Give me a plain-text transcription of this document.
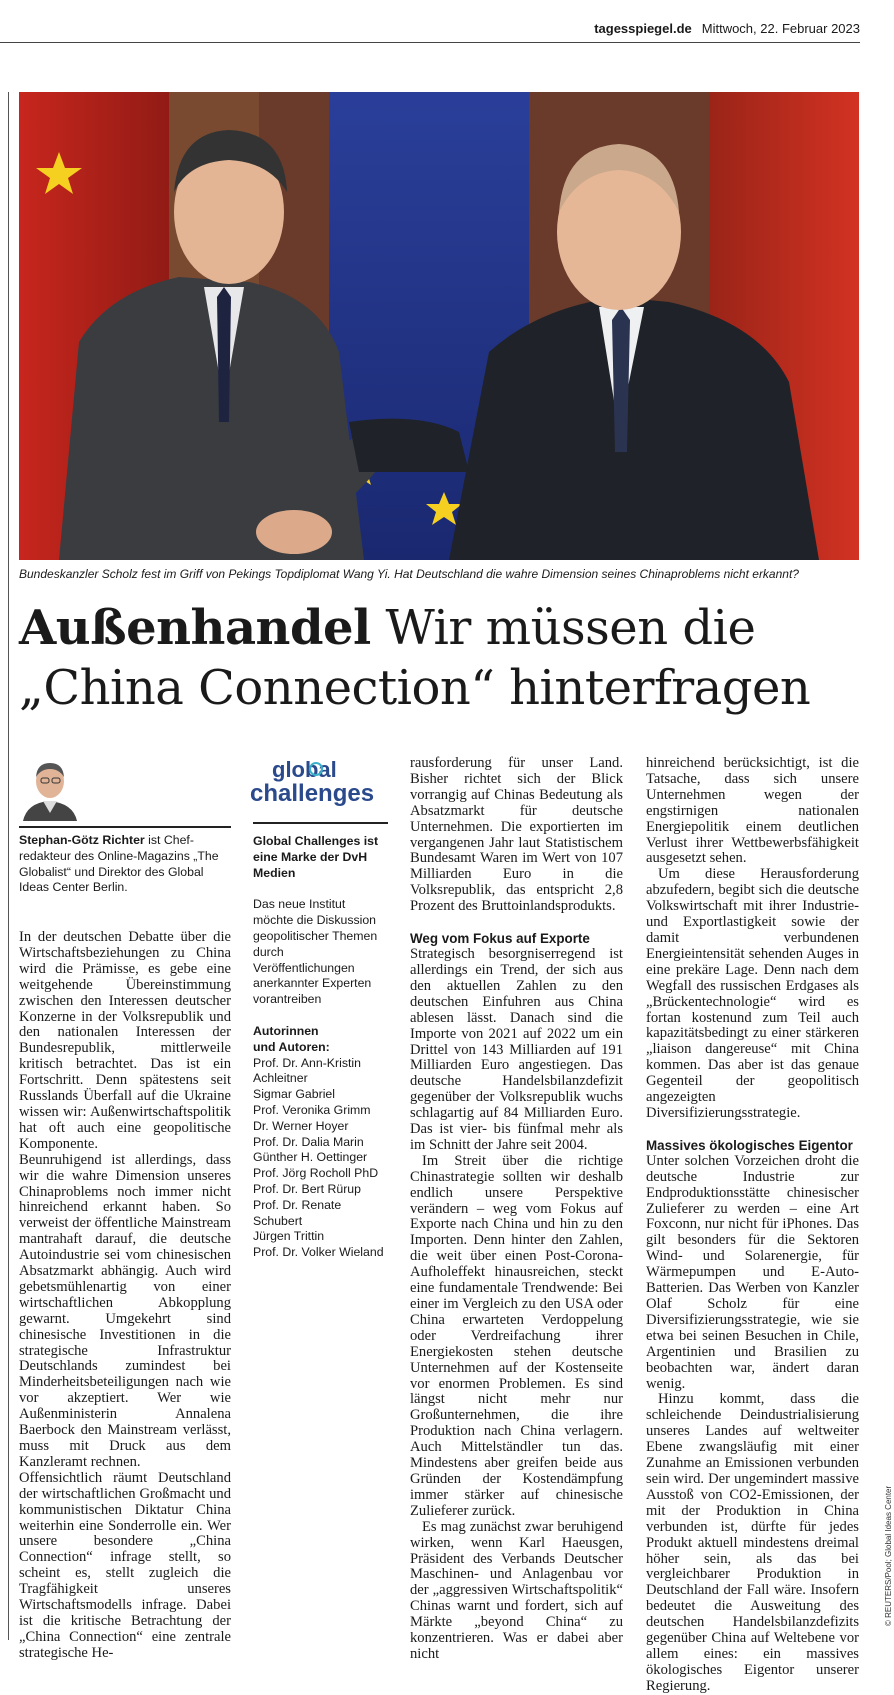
tagesspiegel.de Mittwoch, 22. Februar 2023
Bundeskanzler Scholz fest im Griff von Pekings Topdiplomat Wang Yi. Hat Deutschland die wahre Dimension seines Chinaproblems nicht erkannt?
Außenhandel Wir müssen die
„China Connection“ hinterfragen
Stephan-Götz Richter ist Chefredakteur des Online-Magazins „The Globalist“ und Direktor des Global Ideas Center Berlin.

In der deutschen Debatte über die Wirtschaftsbeziehungen zu China wird die Prämisse, es gebe eine weitgehende Übereinstimmung zwischen den Interessen deutscher Konzerne in der Volksrepublik und den nationalen Interessen der Bundesrepublik, mittlerweile kritisch betrachtet. Das ist ein Fortschritt. Denn spätestens seit Russlands Überfall auf die Ukraine wissen wir: Außenwirtschaftspolitik hat oft auch eine geopolitische Komponente.

Beunruhigend ist allerdings, dass wir die wahre Dimension unseres Chinaproblems noch immer nicht hinreichend erkannt haben. So verweist der öffentliche Mainstream mantrahaft darauf, die deutsche Autoindustrie sei vom chinesischen Absatzmarkt abhängig. Auch wird gebetsmühlenartig von einer wirtschaftlichen Abkopplung gewarnt. Umgekehrt sind chinesische Investitionen in die strategische Infrastruktur Deutschlands zumindest bei Minderheitsbeteiligungen nach wie vor akzeptiert. Wer wie Außenministerin Annalena Baerbock den Mainstream verlässt, muss mit Druck aus dem Kanzleramt rechnen.

Offensichtlich räumt Deutschland der wirtschaftlichen Großmacht und kommunistischen Diktatur China weiterhin eine Sonderrolle ein. Wer unsere besondere „China Connection“ infrage stellt, so scheint es, stellt zugleich die Tragfähigkeit unseres Wirtschaftsmodells infrage. Dabei ist die kritische Betrachtung der „China Connection“ eine zentrale strategische He-

global
challenges
Global Challenges ist eine Marke der DvH Medien
Das neue Institut möchte die Diskussion geopolitischer Themen durch Veröffentlichungen anerkannter Experten vorantreiben
Autorinnen
und Autoren:
Prof. Dr. Ann-Kristin Achleitner
Sigmar Gabriel
Prof. Veronika Grimm
Dr. Werner Hoyer
Prof. Dr. Dalia Marin
Günther H. Oettinger
Prof. Jörg Rocholl PhD
Prof. Dr. Bert Rürup
Prof. Dr. Renate Schubert
Jürgen Trittin
Prof. Dr. Volker Wieland

rausforderung für unser Land. Bisher richtet sich der Blick vorrangig auf Chinas Bedeutung als Absatzmarkt für deutsche Unternehmen. Die exportierten im vergangenen Jahr laut Statistischem Bundesamt Waren im Wert von 107 Milliarden Euro in die Volksrepublik, das entspricht 2,8 Prozent des Bruttoinlandsprodukts.

Weg vom Fokus auf Exporte

Strategisch besorgniserregend ist allerdings ein Trend, der sich aus den aktuellen Zahlen zu den deutschen Einfuhren aus China ablesen lässt. Danach sind die Importe von 2021 auf 2022 um ein Drittel von 143 Milliarden auf 191 Milliarden Euro angestiegen. Das deutsche Handelsbilanzdefizit gegenüber der Volksrepublik wuchs schlagartig auf 84 Milliarden Euro. Das ist vier- bis fünfmal mehr als im Schnitt der Jahre seit 2004.

Im Streit über die richtige Chinastrategie sollten wir deshalb endlich unsere Perspektive verändern – weg vom Fokus auf Exporte nach China und hin zu den Importen. Denn hinter den Zahlen, die weit über einen Post-Corona-Aufholeffekt hinausreichen, steckt eine fundamentale Trendwende: Bei einer im Vergleich zu den USA oder China erwarteten Verdoppelung oder Verdreifachung ihrer Energiekosten stehen deutsche Unternehmen auf der Kostenseite vor enormen Problemen. Es sind längst nicht mehr nur Großunternehmen, die ihre Produktion nach China verlagern. Auch Mittelständler tun das. Mindestens aber greifen beide aus Gründen der Kostendämpfung immer stärker auf chinesische Zulieferer zurück.

Es mag zunächst zwar beruhigend wirken, wenn Karl Haeusgen, Präsident des Verbands Deutscher Maschinen- und Anlagenbau vor der „aggressiven Wirtschaftspolitik“ Chinas warnt und fordert, sich auf Märkte „beyond China“ zu konzentrieren. Was er dabei aber nicht

hinreichend berücksichtigt, ist die Tatsache, dass sich unsere Unternehmen wegen der engstirnigen nationalen Energiepolitik einem deutlichen Verlust ihrer Wettbewerbsfähigkeit ausgesetzt sehen.

Um diese Herausforderung abzufedern, begibt sich die deutsche Volkswirtschaft mit ihrer Industrie- und Exportlastigkeit sowie der damit verbundenen Energieintensität sehenden Auges in eine prekäre Lage. Denn nach dem Wegfall des russischen Erdgases als „Brückentechnologie“ wird es fortan kostenund zum Teil auch kapazitätsbedingt zu einer stärkeren „liaison dangereuse“ mit China kommen. Das aber ist das genaue Gegenteil der geopolitisch angezeigten Diversifizierungsstrategie.

Massives ökologisches Eigentor

Unter solchen Vorzeichen droht die deutsche Industrie zur Endproduktionsstätte chinesischer Zulieferer zu werden – eine Art Foxconn, nur nicht für iPhones. Das gilt besonders für die Sektoren Wind- und Solarenergie, für Wärmepumpen und E-Auto-Batterien. Das Werben von Kanzler Olaf Scholz für eine Diversifizierungsstrategie, wie sie etwa bei seinen Besuchen in Chile, Argentinien und Brasilien zu beobachten war, ändert daran wenig.

Hinzu kommt, dass die schleichende Deindustrialisierung unseres Landes auf weltweiter Ebene zwangsläufig mit einer Zunahme an Emissionen verbunden sein wird. Der ungemindert massive Ausstoß von CO2-Emissionen, der mit der Produktion in China verbunden ist, dürfte für jedes Produkt aktuell mindestens dreimal höher sein, als das bei vergleichbarer Produktion in Deutschland der Fall wäre. Insofern bedeutet die Ausweitung des deutschen Handelsbilanzdefizits gegenüber China auf Weltebene vor allem eines: ein massives ökologisches Eigentor unserer Regierung.

© REUTERS/Pool; Global Ideas Center
